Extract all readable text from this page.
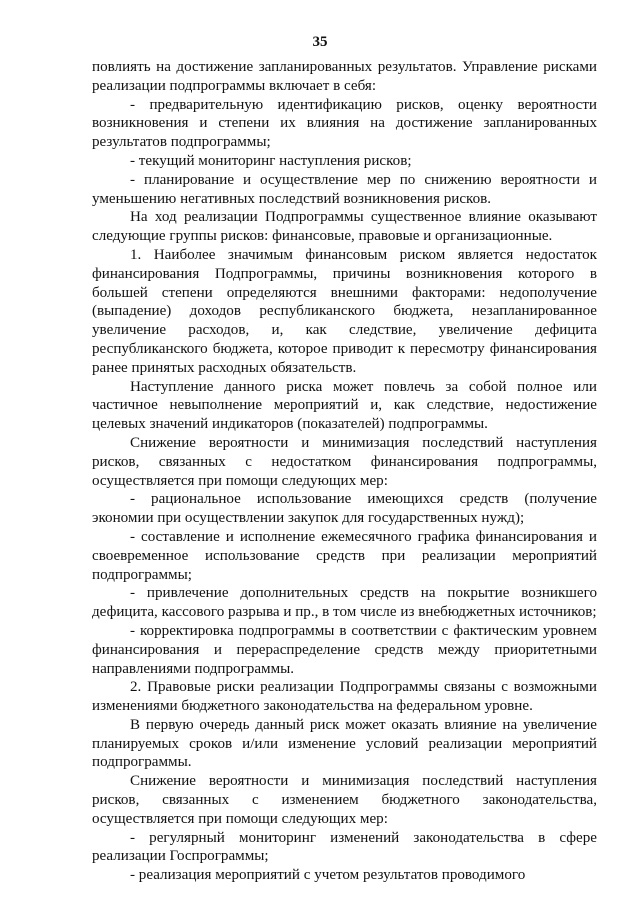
35

повлиять на достижение запланированных результатов. Управление рисками реализации подпрограммы включает в себя:

- предварительную идентификацию рисков, оценку вероятности возникновения и степени их влияния на достижение запланированных результатов подпрограммы;

- текущий мониторинг наступления рисков;

- планирование и осуществление мер по снижению вероятности и уменьшению негативных последствий возникновения рисков.

На ход реализации Подпрограммы существенное влияние оказывают следующие группы рисков: финансовые, правовые и организационные.

1. Наиболее значимым финансовым риском является недостаток финансирования Подпрограммы, причины возникновения которого в большей степени определяются внешними факторами: недополучение (выпадение) доходов республиканского бюджета, незапланированное увеличение расходов, и, как следствие, увеличение дефицита республиканского бюджета, которое приводит к пересмотру финансирования ранее принятых расходных обязательств.

Наступление данного риска может повлечь за собой полное или частичное невыполнение мероприятий и, как следствие, недостижение целевых значений индикаторов (показателей) подпрограммы.

Снижение вероятности и минимизация последствий наступления рисков, связанных с недостатком финансирования подпрограммы, осуществляется при помощи следующих мер:

- рациональное использование имеющихся средств (получение экономии при осуществлении закупок для государственных нужд);

- составление и исполнение ежемесячного графика финансирования и своевременное использование средств при реализации мероприятий подпрограммы;

- привлечение дополнительных средств на покрытие возникшего дефицита, кассового разрыва и пр., в том числе из внебюджетных источников;

- корректировка подпрограммы в соответствии с фактическим уровнем финансирования и перераспределение средств между приоритетными направлениями подпрограммы.

2. Правовые риски реализации Подпрограммы связаны с возможными изменениями бюджетного законодательства на федеральном уровне.

В первую очередь данный риск может оказать влияние на увеличение планируемых сроков и/или изменение условий реализации мероприятий подпрограммы.

Снижение вероятности и минимизация последствий наступления рисков, связанных с изменением бюджетного законодательства, осуществляется при помощи следующих мер:

- регулярный мониторинг изменений законодательства в сфере реализации Госпрограммы;

- реализация мероприятий с учетом результатов проводимого
